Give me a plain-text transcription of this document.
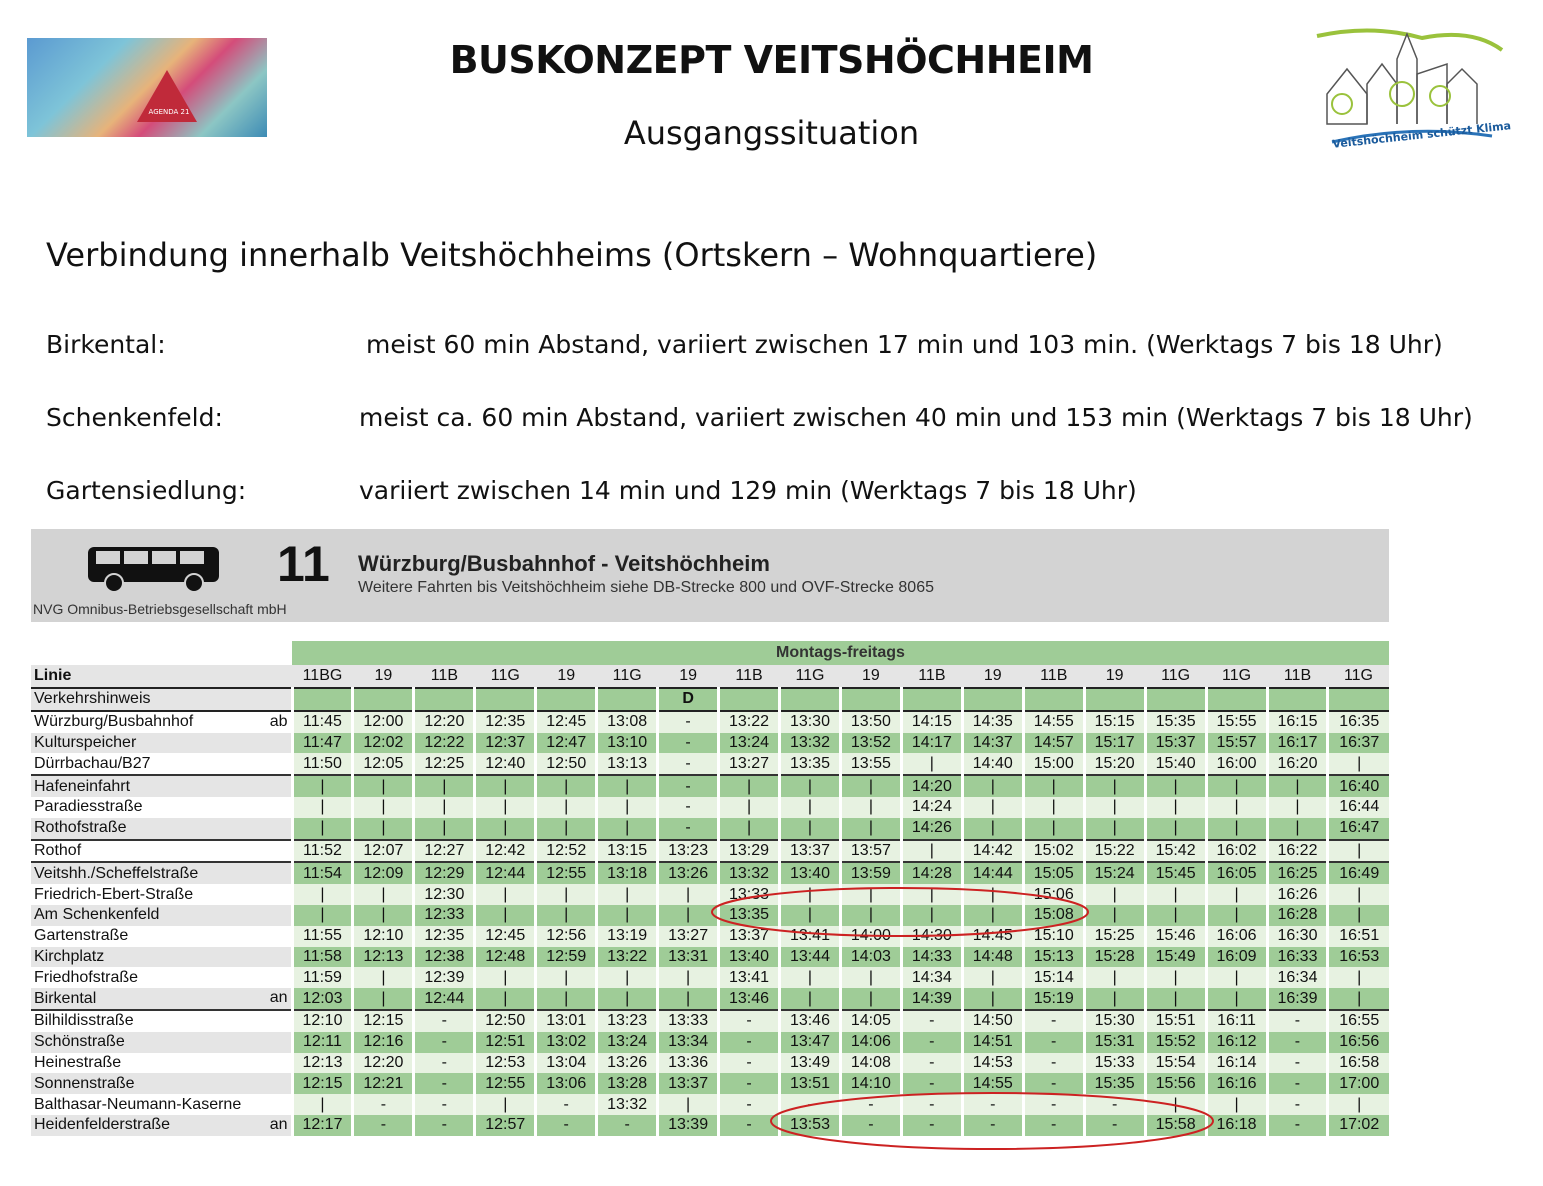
AGENDA 21
BUSKONZEPT VEITSHÖCHHEIM
Ausgangssituation	Veitshöchheim schützt Klima
Verbindung innerhalb Veitshöchheims (Ortskern – Wohnquartiere)
Birkental:	meist 60 min Abstand, variiert zwischen 17 min und 103 min. (Werktags 7 bis 18 Uhr)
Schenkenfeld:	meist ca. 60 min Abstand, variiert zwischen 40 min und 153 min (Werktags 7 bis 18 Uhr)
Gartensiedlung:	variiert zwischen 14 min und 129 min (Werktags 7 bis 18 Uhr)
11 Würzburg/Busbahnhof - Veitshöchheim
Weitere Fahrten bis Veitshöchheim siehe DB-Strecke 800 und OVF-Strecke 8065
NVG Omnibus-Betriebsgesellschaft mbH
	Montags-freitags																	
Linie	11BG	19	11B	11G	19	11G	19	11B	11G	19	11B	19	11B	19	11G	11G	11B	11G
Verkehrshinweis							D											
Würzburg/Busbahnhof ab	11:45	12:00	12:20	12:35	12:45	13:08	-	13:22	13:30	13:50	14:15	14:35	14:55	15:15	15:35	15:55	16:15	16:35
Kulturspeicher	11:47	12:02	12:22	12:37	12:47	13:10	-	13:24	13:32	13:52	14:17	14:37	14:57	15:17	15:37	15:57	16:17	16:37
Dürrbachau/B27	11:50	12:05	12:25	12:40	12:50	13:13	-	13:27	13:35	13:55	|	14:40	15:00	15:20	15:40	16:00	16:20	|
Hafeneinfahrt	|	|	|	|	|	|	-	|	|	|	14:20	|	|	|	|	|	|	16:40
Paradiesstraße	|	|	|	|	|	|	-	|	|	|	14:24	|	|	|	|	|	|	16:44
Rothofstraße	|	|	|	|	|	|	-	|	|	|	14:26	|	|	|	|	|	|	16:47
Rothof	11:52	12:07	12:27	12:42	12:52	13:15	13:23	13:29	13:37	13:57	|	14:42	15:02	15:22	15:42	16:02	16:22	|
Veitshh./Scheffelstraße	11:54	12:09	12:29	12:44	12:55	13:18	13:26	13:32	13:40	13:59	14:28	14:44	15:05	15:24	15:45	16:05	16:25	16:49
Friedrich-Ebert-Straße	|	|	12:30	|	|	|	|	13:33	|	|	|	|	15:06	|	|	|	16:26	|
Am Schenkenfeld	|	|	12:33	|	|	|	|	13:35	|	|	|	|	15:08	|	|	|	16:28	|
Gartenstraße	11:55	12:10	12:35	12:45	12:56	13:19	13:27	13:37	13:41	14:00	14:30	14:45	15:10	15:25	15:46	16:06	16:30	16:51
Kirchplatz	11:58	12:13	12:38	12:48	12:59	13:22	13:31	13:40	13:44	14:03	14:33	14:48	15:13	15:28	15:49	16:09	16:33	16:53
Friedhofstraße	11:59	|	12:39	|	|	|	|	13:41	|	|	14:34	|	15:14	|	|	|	16:34	|
Birkental an	12:03	|	12:44	|	|	|	|	13:46	|	|	14:39	|	15:19	|	|	|	16:39	|
Bilhildisstraße	12:10	12:15	-	12:50	13:01	13:23	13:33	-	13:46	14:05	-	14:50	-	15:30	15:51	16:11	-	16:55
Schönstraße	12:11	12:16	-	12:51	13:02	13:24	13:34	-	13:47	14:06	-	14:51	-	15:31	15:52	16:12	-	16:56
Heinestraße	12:13	12:20	-	12:53	13:04	13:26	13:36	-	13:49	14:08	-	14:53	-	15:33	15:54	16:14	-	16:58
Sonnenstraße	12:15	12:21	-	12:55	13:06	13:28	13:37	-	13:51	14:10	-	14:55	-	15:35	15:56	16:16	-	17:00
Balthasar-Neumann-Kaserne	|	-	-	|	-	13:32	|	-	-	-	-	-	-	-	|	|	-	|
Heidenfelderstraße an	12:17	-	-	12:57	-	-	13:39	-	13:53	-	-	-	-	-	15:58	16:18	-	17:02
